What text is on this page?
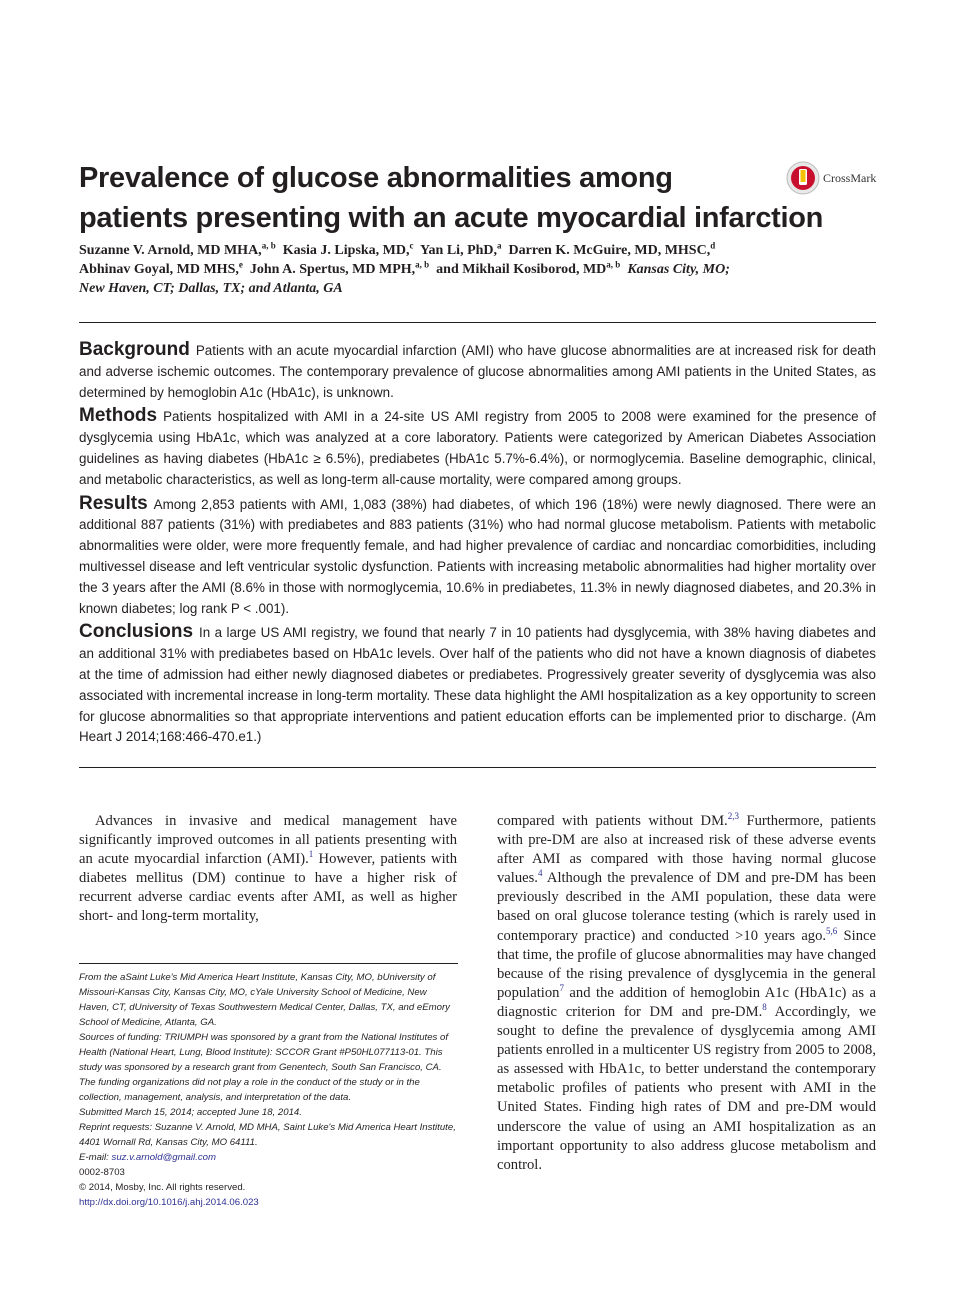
Prevalence of glucose abnormalities among
patients presenting with an acute myocardial infarction
CrossMark
Suzanne V. Arnold, MD MHA,$^{a, b}$ Kasia J. Lipska, MD,$^c$ Yan Li, PhD,$^a$ Darren K. McGuire, MD, MHSC,$^d$
Abhinav Goyal, MD MHS,$^e$ John A. Spertus, MD MPH,$^{a, b}$ and Mikhail Kosiborod, MD$^{a, b}$ Kansas City, MO;
New Haven, CT; Dallas, TX; and Atlanta, GA

Background Patients with an acute myocardial infarction (AMI) who have glucose abnormalities are at increased risk for death and adverse ischemic outcomes. The contemporary prevalence of glucose abnormalities among AMI patients in the United States, as determined by hemoglobin A1c (HbA1c), is unknown.

Methods Patients hospitalized with AMI in a 24-site US AMI registry from 2005 to 2008 were examined for the presence of dysglycemia using HbA1c, which was analyzed at a core laboratory. Patients were categorized by American Diabetes Association guidelines as having diabetes (HbA1c ≥ 6.5%), prediabetes (HbA1c 5.7%-6.4%), or normoglycemia. Baseline demographic, clinical, and metabolic characteristics, as well as long-term all-cause mortality, were compared among groups.

Results Among 2,853 patients with AMI, 1,083 (38%) had diabetes, of which 196 (18%) were newly diagnosed. There were an additional 887 patients (31%) with prediabetes and 883 patients (31%) who had normal glucose metabolism. Patients with metabolic abnormalities were older, were more frequently female, and had higher prevalence of cardiac and noncardiac comorbidities, including multivessel disease and left ventricular systolic dysfunction. Patients with increasing metabolic abnormalities had higher mortality over the 3 years after the AMI (8.6% in those with normoglycemia, 10.6% in prediabetes, 11.3% in newly diagnosed diabetes, and 20.3% in known diabetes; log rank P < .001).

Conclusions In a large US AMI registry, we found that nearly 7 in 10 patients had dysglycemia, with 38% having diabetes and an additional 31% with prediabetes based on HbA1c levels. Over half of the patients who did not have a known diagnosis of diabetes at the time of admission had either newly diagnosed diabetes or prediabetes. Progressively greater severity of dysglycemia was also associated with incremental increase in long-term mortality. These data highlight the AMI hospitalization as a key opportunity to screen for glucose abnormalities so that appropriate interventions and patient education efforts can be implemented prior to discharge. (Am Heart J 2014;168:466-470.e1.)

Advances in invasive and medical management have significantly improved outcomes in all patients presenting with an acute myocardial infarction (AMI).$^1$ However, patients with diabetes mellitus (DM) continue to have a higher risk of recurrent adverse cardiac events after AMI, as well as higher short- and long-term mortality,

From the aSaint Luke's Mid America Heart Institute, Kansas City, MO, bUniversity of Missouri-Kansas City, Kansas City, MO, cYale University School of Medicine, New Haven, CT, dUniversity of Texas Southwestern Medical Center, Dallas, TX, and eEmory School of Medicine, Atlanta, GA.
Sources of funding: TRIUMPH was sponsored by a grant from the National Institutes of Health (National Heart, Lung, Blood Institute): SCCOR Grant #P50HL077113-01. This study was sponsored by a research grant from Genentech, South San Francisco, CA. The funding organizations did not play a role in the conduct of the study or in the collection, management, analysis, and interpretation of the data.
Submitted March 15, 2014; accepted June 18, 2014.
Reprint requests: Suzanne V. Arnold, MD MHA, Saint Luke's Mid America Heart Institute, 4401 Wornall Rd, Kansas City, MO 64111.
E-mail: suz.v.arnold@gmail.com
0002-8703
© 2014, Mosby, Inc. All rights reserved.
http://dx.doi.org/10.1016/j.ahj.2014.06.023

compared with patients without DM.$^{2,3}$ Furthermore, patients with pre-DM are also at increased risk of these adverse events after AMI as compared with those having normal glucose values.$^4$ Although the prevalence of DM and pre-DM has been previously described in the AMI population, these data were based on oral glucose tolerance testing (which is rarely used in contemporary practice) and conducted >10 years ago.$^{5,6}$ Since that time, the profile of glucose abnormalities may have changed because of the rising prevalence of dysglycemia in the general population$^7$ and the addition of hemoglobin A1c (HbA1c) as a diagnostic criterion for DM and pre-DM.$^8$ Accordingly, we sought to define the prevalence of dysglycemia among AMI patients enrolled in a multicenter US registry from 2005 to 2008, as assessed with HbA1c, to better understand the contemporary metabolic profiles of patients who present with AMI in the United States. Finding high rates of DM and pre-DM would underscore the value of using an AMI hospitalization as an important opportunity to also address glucose metabolism and control.
